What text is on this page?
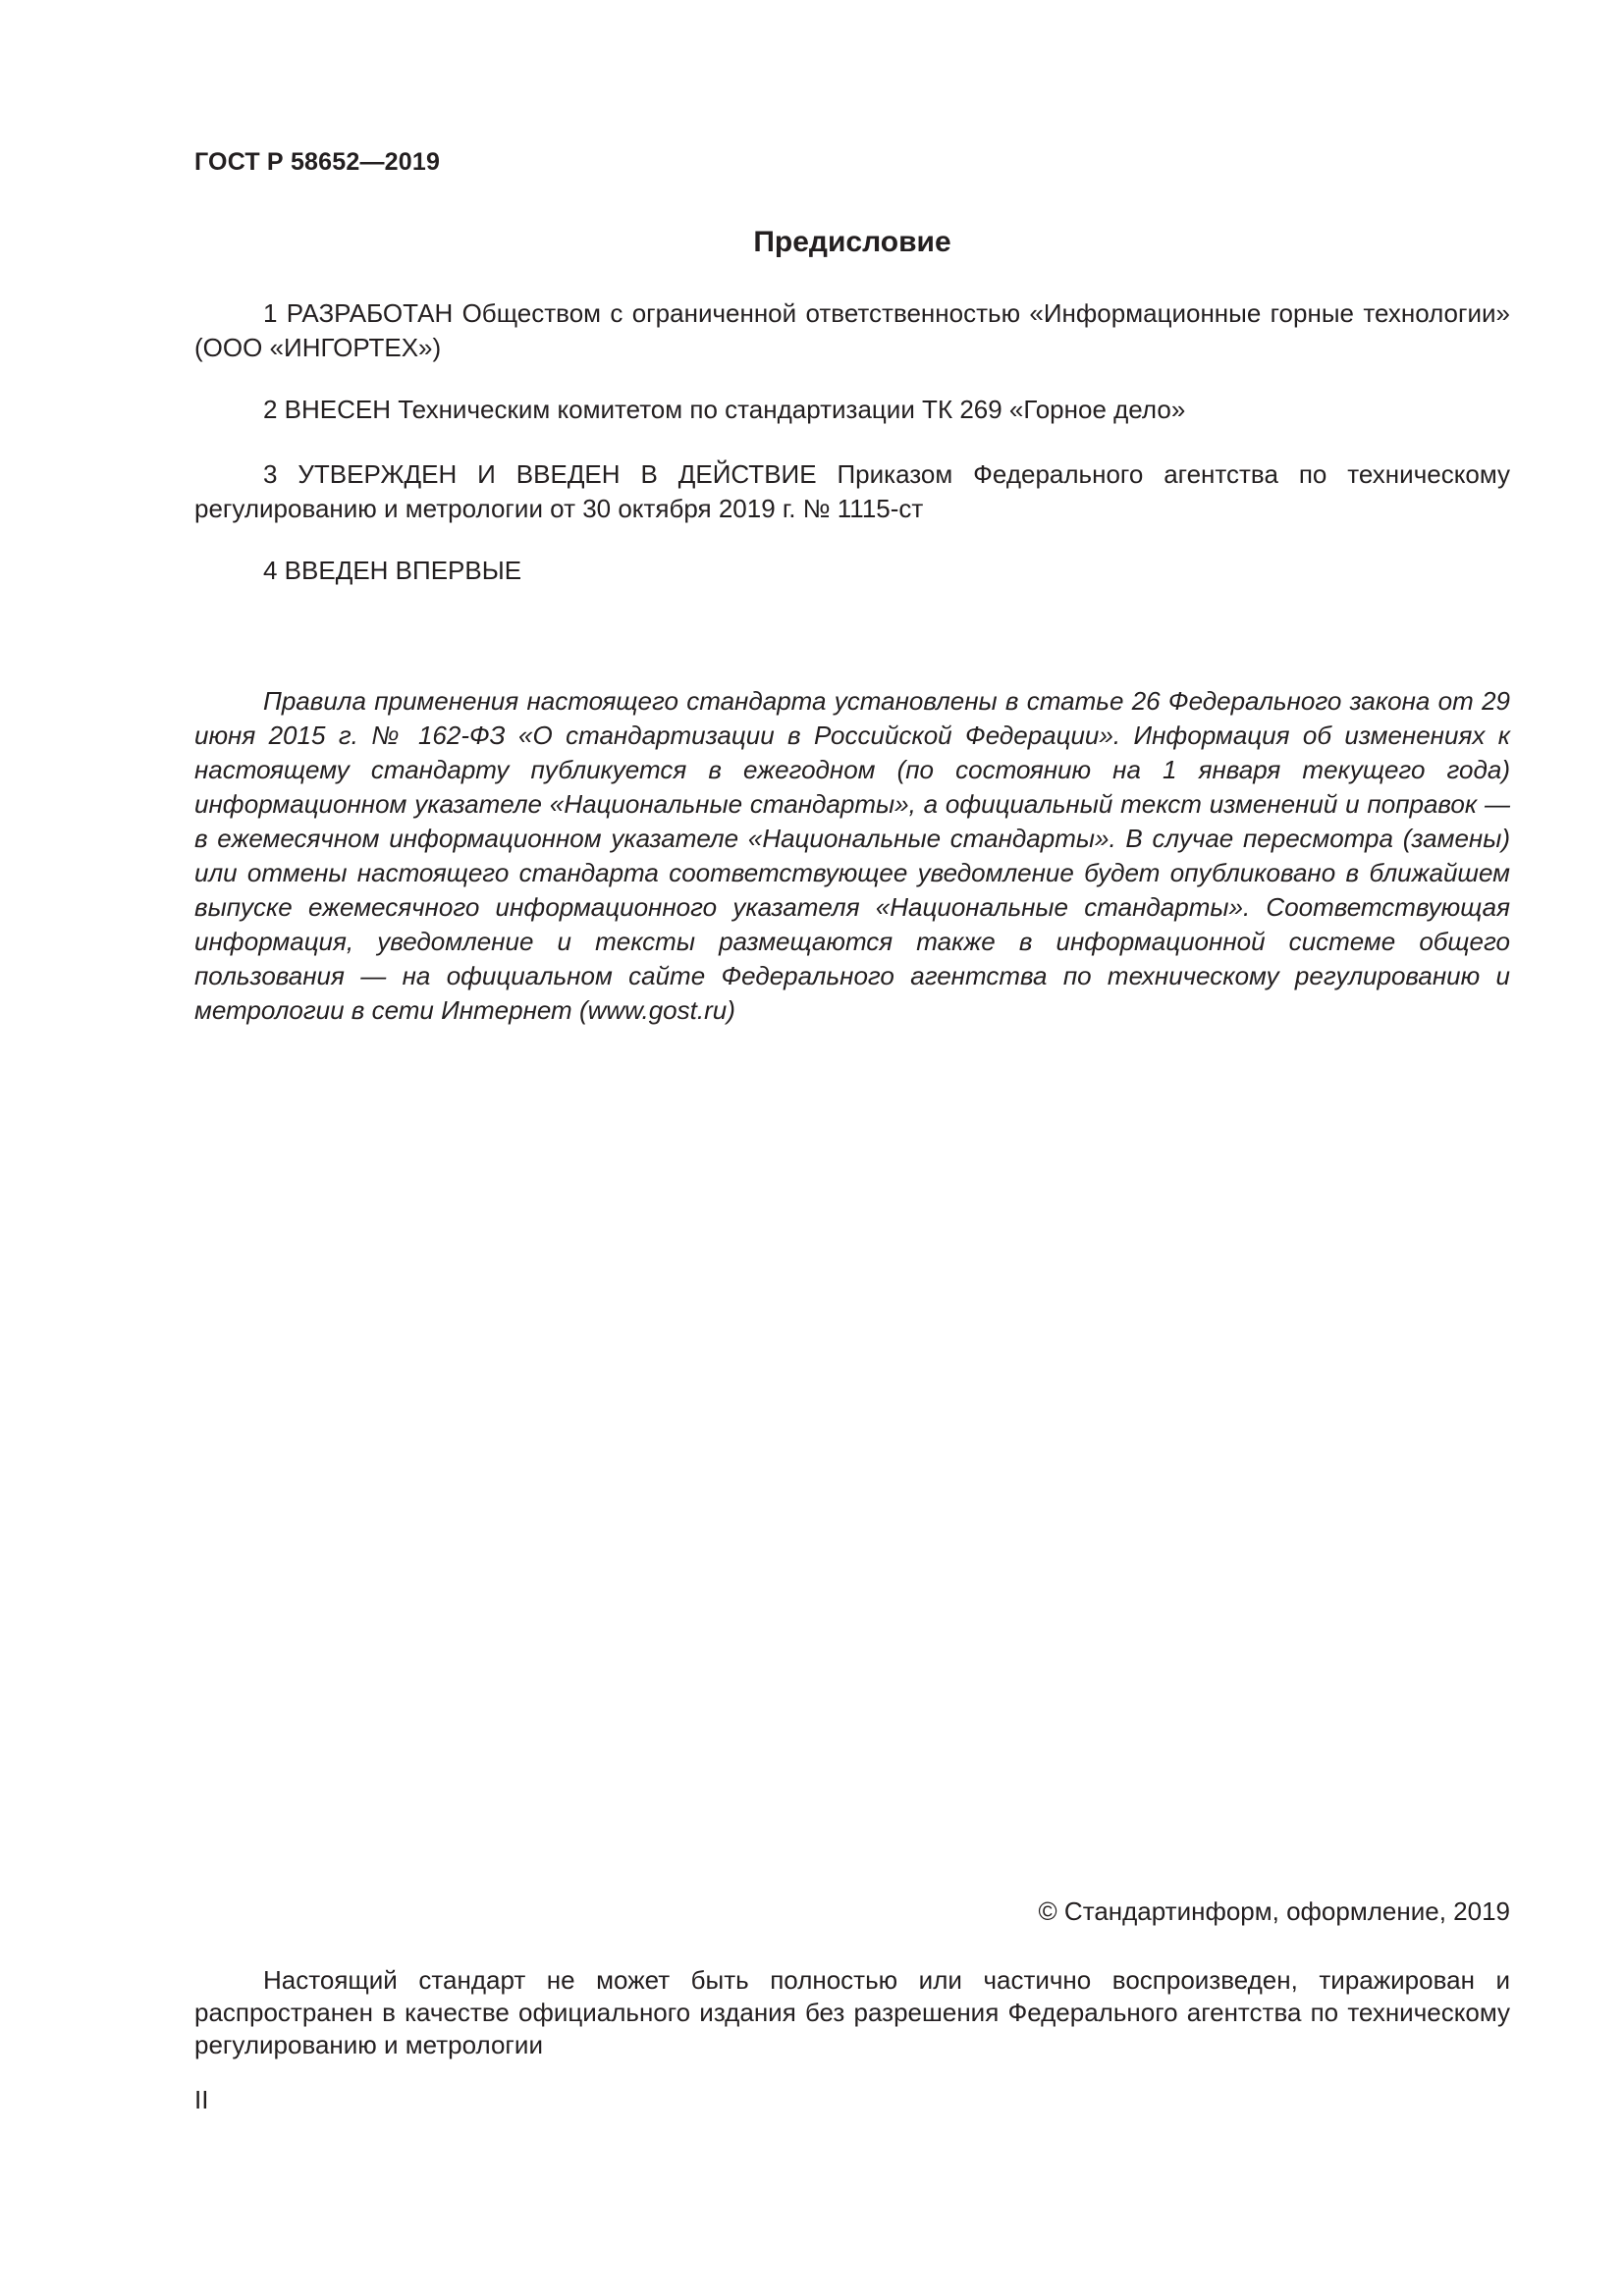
ГОСТ Р 58652—2019
Предисловие

1 РАЗРАБОТАН Обществом с ограниченной ответственностью «Информационные горные технологии» (ООО «ИНГОРТЕХ»)

2 ВНЕСЕН Техническим комитетом по стандартизации ТК 269 «Горное дело»

3 УТВЕРЖДЕН И ВВЕДЕН В ДЕЙСТВИЕ Приказом Федерального агентства по техническому регулированию и метрологии от 30 октября 2019 г. № 1115-ст

4 ВВЕДЕН ВПЕРВЫЕ

Правила применения настоящего стандарта установлены в статье 26 Федерального закона от 29 июня 2015 г. № 162-ФЗ «О стандартизации в Российской Федерации». Информация об изменениях к настоящему стандарту публикуется в ежегодном (по состоянию на 1 января текущего года) информационном указателе «Национальные стандарты», а официальный текст изменений и поправок — в ежемесячном информационном указателе «Национальные стандарты». В случае пересмотра (замены) или отмены настоящего стандарта соответствующее уведомление будет опубликовано в ближайшем выпуске ежемесячного информационного указателя «Национальные стандарты». Соответствующая информация, уведомление и тексты размещаются также в информационной системе общего пользования — на официальном сайте Федерального агентства по техническому регулированию и метрологии в сети Интернет (www.gost.ru)

© Стандартинформ, оформление, 2019

Настоящий стандарт не может быть полностью или частично воспроизведен, тиражирован и распространен в качестве официального издания без разрешения Федерального агентства по техническому регулированию и метрологии

II
